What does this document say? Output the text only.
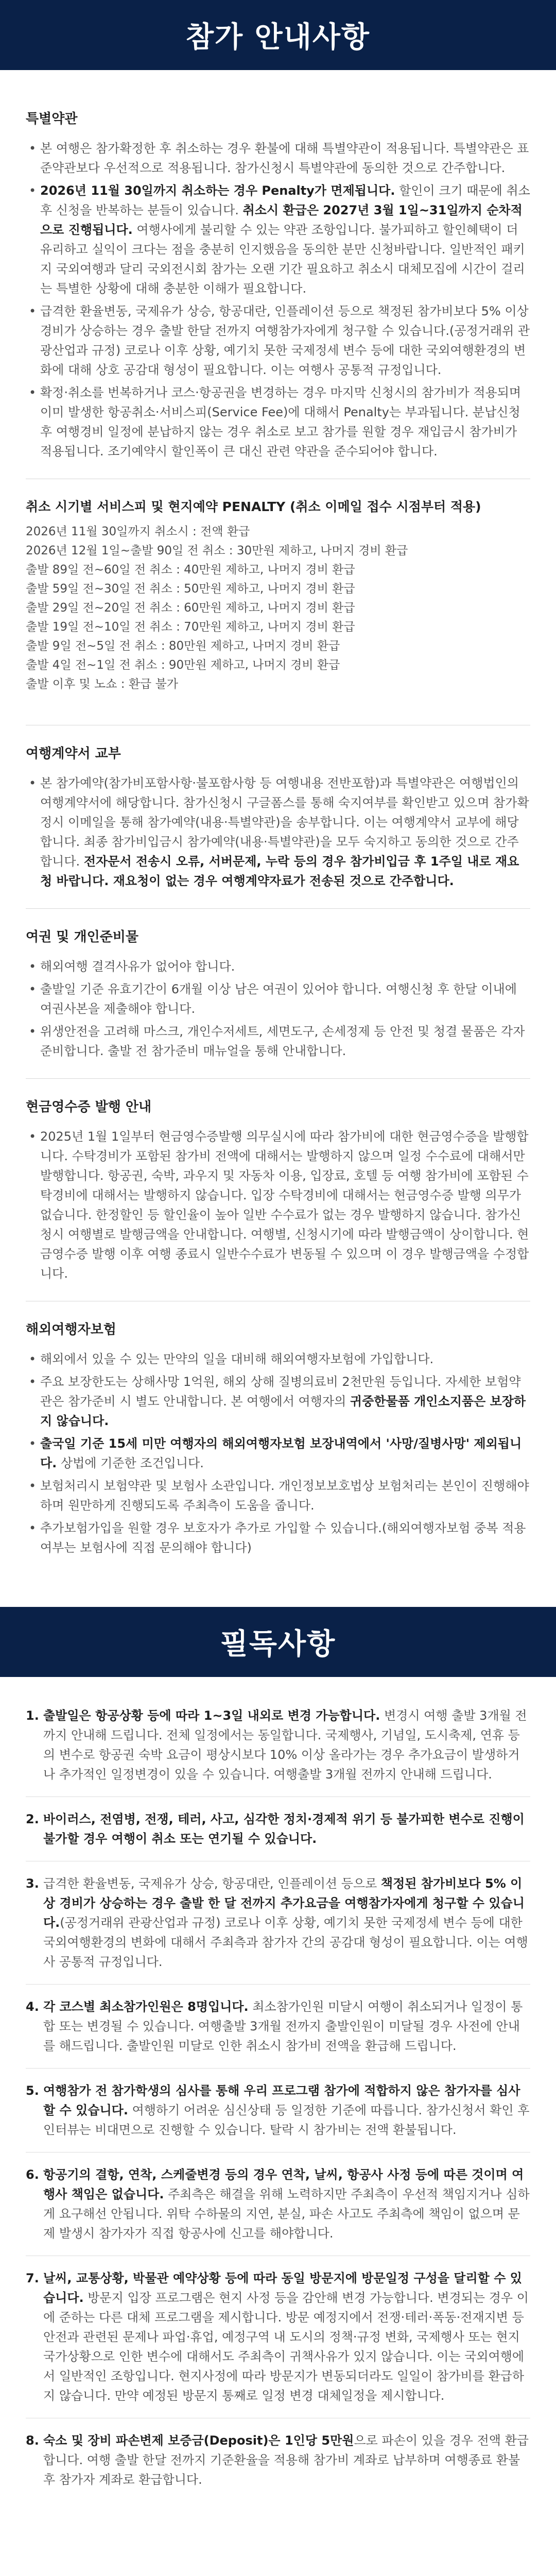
참가 안내사항
특별약관
• 본 여행은 참가확정한 후 취소하는 경우 환불에 대해 특별약관이 적용됩니다. 특별약관은 표준약관보다 우선적으로 적용됩니다. 참가신청시 특별약관에 동의한 것으로 간주합니다.
• 2026년 11월 30일까지 취소하는 경우 Penalty가 면제됩니다. 할인이 크기 때문에 취소 후 신청을 반복하는 분들이 있습니다. 취소시 환급은 2027년 3월 1일~31일까지 순차적으로 진행됩니다. 여행사에게 불리할 수 있는 약관 조항입니다. 불가피하고 할인혜택이 더 유리하고 실익이 크다는 점을 충분히 인지했음을 동의한 분만 신청바랍니다. 일반적인 패키지 국외여행과 달리 국외전시회 참가는 오랜 기간 필요하고 취소시 대체모집에 시간이 걸리는 특별한 상황에 대해 충분한 이해가 필요합니다.
• 급격한 환율변동, 국제유가 상승, 항공대란, 인플레이션 등으로 책정된 참가비보다 5% 이상 경비가 상승하는 경우 출발 한달 전까지 여행참가자에게 청구할 수 있습니다.(공정거래위 관광산업과 규정) 코로나 이후 상황, 예기치 못한 국제정세 변수 등에 대한 국외여행환경의 변화에 대해 상호 공감대 형성이 필요합니다. 이는 여행사 공통적 규정입니다.
• 확정·취소를 번복하거나 코스·항공권을 변경하는 경우 마지막 신청시의 참가비가 적용되며 이미 발생한 항공취소·서비스피(Service Fee)에 대해서 Penalty는 부과됩니다. 분납신청 후 여행경비 일정에 분납하지 않는 경우 취소로 보고 참가를 원할 경우 재입금시 참가비가 적용됩니다. 조기예약시 할인폭이 큰 대신 관련 약관을 준수되어야 합니다.
취소 시기별 서비스피 및 현지예약 PENALTY (취소 이메일 접수 시점부터 적용)
2026년 11월 30일까지 취소시 : 전액 환급
2026년 12월 1일~출발 90일 전 취소 : 30만원 제하고, 나머지 경비 환급
출발 89일 전~60일 전 취소 : 40만원 제하고, 나머지 경비 환급
출발 59일 전~30일 전 취소 : 50만원 제하고, 나머지 경비 환급
출발 29일 전~20일 전 취소 : 60만원 제하고, 나머지 경비 환급
출발 19일 전~10일 전 취소 : 70만원 제하고, 나머지 경비 환급
출발 9일 전~5일 전 취소 : 80만원 제하고, 나머지 경비 환급
출발 4일 전~1일 전 취소 : 90만원 제하고, 나머지 경비 환급
출발 이후 및 노쇼 : 환급 불가
여행계약서 교부
• 본 참가예약(참가비포함사항·불포함사항 등 여행내용 전반포함)과 특별약관은 여행법인의 여행계약서에 해당합니다. 참가신청시 구글폼스를 통해 숙지여부를 확인받고 있으며 참가확정시 이메일을 통해 참가예약(내용·특별약관)을 송부합니다. 이는 여행계약서 교부에 해당합니다. 최종 참가비입금시 참가예약(내용·특별약관)을 모두 숙지하고 동의한 것으로 간주합니다. 전자문서 전송시 오류, 서버문제, 누락 등의 경우 참가비입금 후 1주일 내로 재요청 바랍니다. 재요청이 없는 경우 여행계약자료가 전송된 것으로 간주합니다.
여권 및 개인준비물
• 해외여행 결격사유가 없어야 합니다.
• 출발일 기준 유효기간이 6개월 이상 남은 여권이 있어야 합니다. 여행신청 후 한달 이내에 여권사본을 제출해야 합니다.
• 위생안전을 고려해 마스크, 개인수저세트, 세면도구, 손세정제 등 안전 및 청결 물품은 각자 준비합니다. 출발 전 참가준비 매뉴얼을 통해 안내합니다.
현금영수증 발행 안내
• 2025년 1월 1일부터 현금영수증발행 의무실시에 따라 참가비에 대한 현금영수증을 발행합니다. 수탁경비가 포함된 참가비 전액에 대해서는 발행하지 않으며 일정 수수료에 대해서만 발행합니다. 항공권, 숙박, 과우지 및 자동차 이용, 입장료, 호텔 등 여행 참가비에 포함된 수탁경비에 대해서는 발행하지 않습니다. 입장 수탁경비에 대해서는 현금영수증 발행 의무가 없습니다. 한정할인 등 할인율이 높아 일반 수수료가 없는 경우 발행하지 않습니다. 참가신청시 여행별로 발행금액을 안내합니다. 여행별, 신청시기에 따라 발행금액이 상이합니다. 현금영수증 발행 이후 여행 종료시 일반수수료가 변동될 수 있으며 이 경우 발행금액을 수정합니다.
해외여행자보험
• 해외에서 있을 수 있는 만약의 일을 대비해 해외여행자보험에 가입합니다.
• 주요 보장한도는 상해사망 1억원, 해외 상해 질병의료비 2천만원 등입니다. 자세한 보험약관은 참가준비 시 별도 안내합니다. 본 여행에서 여행자의 귀중한물품 개인소지품은 보장하지 않습니다.
• 출국일 기준 15세 미만 여행자의 해외여행자보험 보장내역에서 '사망/질병사망' 제외됩니다. 상법에 기준한 조건입니다.
• 보험처리시 보험약관 및 보험사 소관입니다. 개인정보보호법상 보험처리는 본인이 진행해야 하며 원만하게 진행되도록 주최측이 도움을 줍니다.
• 추가보험가입을 원할 경우 보호자가 추가로 가입할 수 있습니다.(해외여행자보험 중복 적용 여부는 보험사에 직접 문의해야 합니다)
필독사항
1. 출발일은 항공상황 등에 따라 1~3일 내외로 변경 가능합니다. 변경시 여행 출발 3개월 전까지 안내해 드립니다. 전체 일정에서는 동일합니다. 국제행사, 기념일, 도시축제, 연휴 등의 변수로 항공권 숙박 요금이 평상시보다 10% 이상 올라가는 경우 추가요금이 발생하거나 추가적인 일정변경이 있을 수 있습니다. 여행출발 3개월 전까지 안내해 드립니다.
2. 바이러스, 전염병, 전쟁, 테러, 사고, 심각한 정치·경제적 위기 등 불가피한 변수로 진행이 불가할 경우 여행이 취소 또는 연기될 수 있습니다.
3. 급격한 환율변동, 국제유가 상승, 항공대란, 인플레이션 등으로 책정된 참가비보다 5% 이상 경비가 상승하는 경우 출발 한 달 전까지 추가요금을 여행참가자에게 청구할 수 있습니다.(공정거래위 관광산업과 규정) 코로나 이후 상황, 예기치 못한 국제정세 변수 등에 대한 국외여행환경의 변화에 대해서 주최측과 참가자 간의 공감대 형성이 필요합니다. 이는 여행사 공통적 규정입니다.
4. 각 코스별 최소참가인원은 8명입니다. 최소참가인원 미달시 여행이 취소되거나 일정이 통합 또는 변경될 수 있습니다. 여행출발 3개월 전까지 출발인원이 미달될 경우 사전에 안내를 해드립니다. 출발인원 미달로 인한 취소시 참가비 전액을 환급해 드립니다.
5. 여행참가 전 참가학생의 심사를 통해 우리 프로그램 참가에 적합하지 않은 참가자를 심사할 수 있습니다. 여행하기 어려운 심신상태 등 일정한 기준에 따릅니다. 참가신청서 확인 후 인터뷰는 비대면으로 진행할 수 있습니다. 탈락 시 참가비는 전액 환불됩니다.
6. 항공기의 결항, 연착, 스케줄변경 등의 경우 연착, 날씨, 항공사 사정 등에 따른 것이며 여행사 책임은 없습니다. 주최측은 해결을 위해 노력하지만 주최측이 우선적 책임지거나 심하게 요구해선 안됩니다. 위탁 수하물의 지연, 분실, 파손 사고도 주최측에 책임이 없으며 문제 발생시 참가자가 직접 항공사에 신고를 해야합니다.
7. 날씨, 교통상황, 박물관 예약상황 등에 따라 동일 방문지에 방문일정 구성을 달리할 수 있습니다. 방문지 입장 프로그램은 현지 사정 등을 감안해 변경 가능합니다. 변경되는 경우 이에 준하는 다른 대체 프로그램을 제시합니다. 방문 예정지에서 전쟁·테러·폭동·전재지변 등 안전과 관련된 문제나 파업·휴업, 예정구역 내 도시의 정책·규정 변화, 국제행사 또는 현지 국가상황으로 인한 변수에 대해서도 주최측이 귀책사유가 있지 않습니다. 이는 국외여행에서 일반적인 조항입니다. 현지사정에 따라 방문지가 변동되더라도 일일이 참가비를 환급하지 않습니다. 만약 예정된 방문지 통째로 일정 변경 대체일정을 제시합니다.
8. 숙소 및 장비 파손변제 보증금(Deposit)은 1인당 5만원으로 파손이 있을 경우 전액 환급합니다. 여행 출발 한달 전까지 기준환율을 적용해 참가비 계좌로 납부하며 여행종료 환불 후 참가자 계좌로 환급합니다.
